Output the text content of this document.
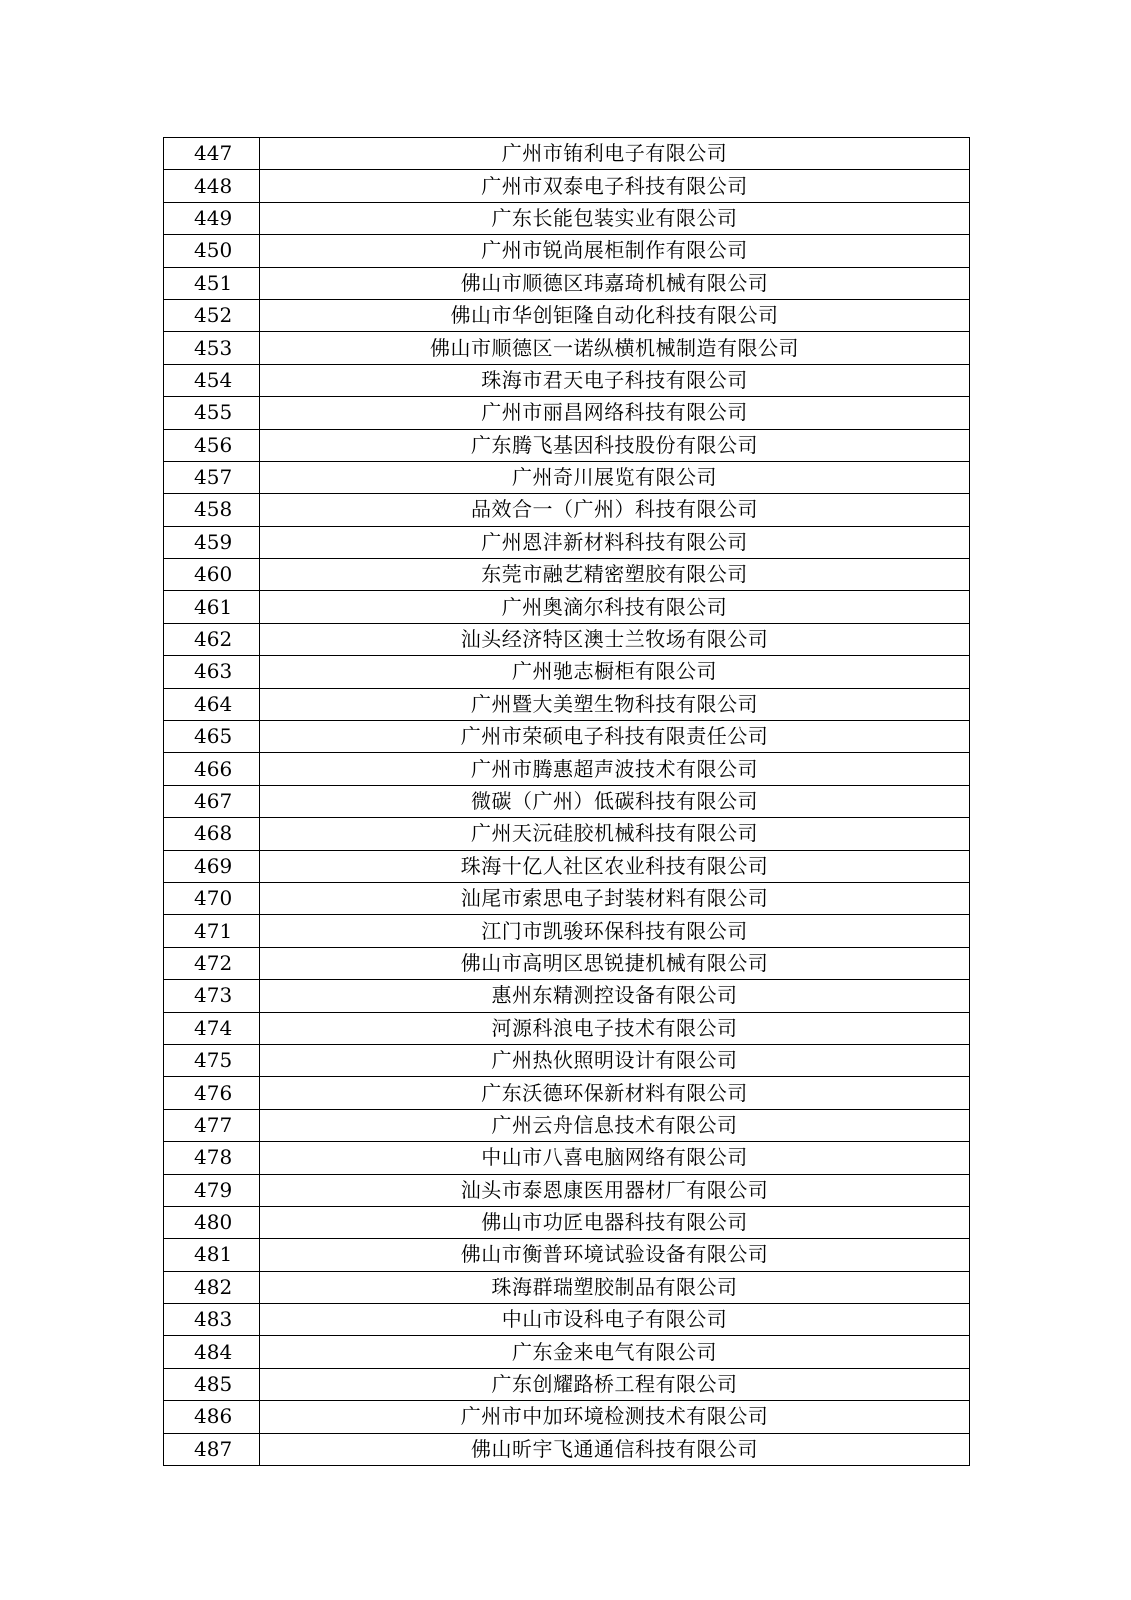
447	广州市铕利电子有限公司
448	广州市双泰电子科技有限公司
449	广东长能包装实业有限公司
450	广州市锐尚展柜制作有限公司
451	佛山市顺德区玮嘉琦机械有限公司
452	佛山市华创钜隆自动化科技有限公司
453	佛山市顺德区一诺纵横机械制造有限公司
454	珠海市君天电子科技有限公司
455	广州市丽昌网络科技有限公司
456	广东腾飞基因科技股份有限公司
457	广州奇川展览有限公司
458	品效合一（广州）科技有限公司
459	广州恩沣新材料科技有限公司
460	东莞市融艺精密塑胶有限公司
461	广州奥滴尔科技有限公司
462	汕头经济特区澳士兰牧场有限公司
463	广州驰志橱柜有限公司
464	广州暨大美塑生物科技有限公司
465	广州市荣硕电子科技有限责任公司
466	广州市腾惠超声波技术有限公司
467	微碳（广州）低碳科技有限公司
468	广州天沅硅胶机械科技有限公司
469	珠海十亿人社区农业科技有限公司
470	汕尾市索思电子封装材料有限公司
471	江门市凯骏环保科技有限公司
472	佛山市高明区思锐捷机械有限公司
473	惠州东精测控设备有限公司
474	河源科浪电子技术有限公司
475	广州热伙照明设计有限公司
476	广东沃德环保新材料有限公司
477	广州云舟信息技术有限公司
478	中山市八喜电脑网络有限公司
479	汕头市泰恩康医用器材厂有限公司
480	佛山市功匠电器科技有限公司
481	佛山市衡普环境试验设备有限公司
482	珠海群瑞塑胶制品有限公司
483	中山市设科电子有限公司
484	广东金来电气有限公司
485	广东创耀路桥工程有限公司
486	广州市中加环境检测技术有限公司
487	佛山昕宇飞通通信科技有限公司
